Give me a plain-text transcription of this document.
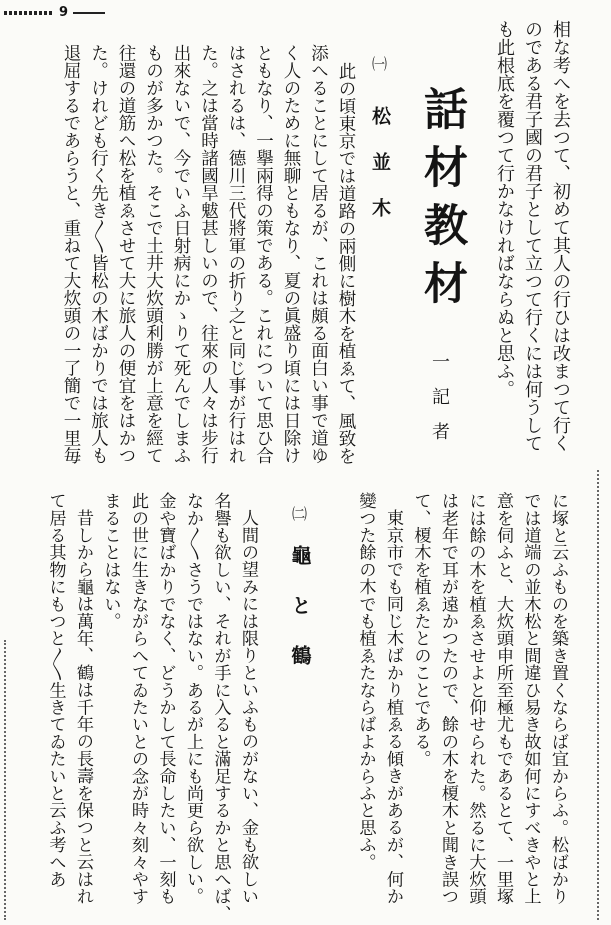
9
相な考へを去つて、初めて其人の行ひは改まつて行く
のである君子國の君子として立つて行くには何うして
も此根底を覆つて行かなければならぬと思ふ。
話材教材
一記者
㈠
松並木
此の頃東京では道路の兩側に樹木を植ゑて、風致を
添へることにして居るが、これは頗る面白い事で道ゆ
く人のために無聊ともなり、夏の眞盛り頃には日除け
ともなり、一擧兩得の策である。これについて思ひ合
はされるは、德川三代將軍の折り之と同じ事が行はれ
た。之は當時諸國旱魃甚しいので、往來の人々は步行
出來ないで、今でいふ日射病にかゝりて死んでしまふ
ものが多かつた。そこで土井大炊頭利勝が上意を經て
往還の道筋へ松を植ゑさせて大に旅人の便宜をはかつ
た。けれども行く先き〳〵皆松の木ばかりでは旅人も
退屈するであらうと、重ねて大炊頭の一了簡で一里毎
に塚と云ふものを築き置くならば宜からふ。松ばかり
では道端の並木松と間違ひ易き故如何にすべきやと上
意を伺ふと、大炊頭申所至極尤もであるとて、一里塚
には餘の木を植ゑさせよと仰せられた。然るに大炊頭
は老年で耳が遠かつたので、餘の木を榎木と聞き誤つ
て、榎木を植ゑたとのことである。
東京市でも同じ木ばかり植ゑる傾きがあるが、何か
變つた餘の木でも植ゑたならばよからふと思ふ。
㈡
龜と鶴
人間の望みには限りといふものがない、金も欲しい
名譽も欲しい、それが手に入ると滿足するかと思へば、
なか〳〵さうではない。あるが上にも尚更ら欲しい。
金や寶ばかりでなく、どうかして長命したい、一刻も
此の世に生きながらへてゐたいとの念が時々刻々やす
まることはない。
昔しから龜は萬年、鶴は千年の長壽を保つと云はれ
て居る其物にもつと〳〵生きてゐたいと云ふ考へあ
